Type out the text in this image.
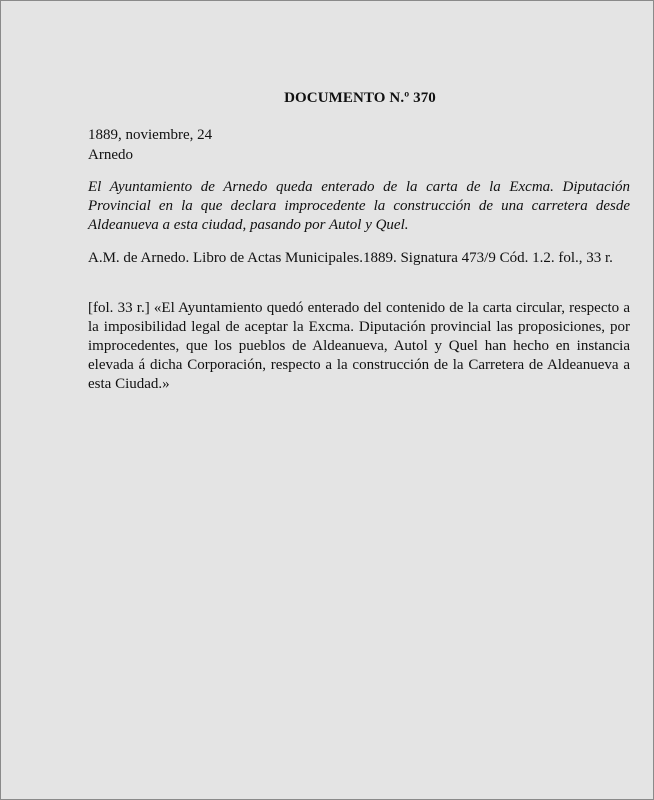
DOCUMENTO N.º 370
1889, noviembre, 24
Arnedo

El Ayuntamiento de Arnedo queda enterado de la carta de la Excma. Diputación Provincial en la que declara improcedente la construcción de una carretera desde Aldeanueva a esta ciudad, pasando por Autol y Quel.

A.M. de Arnedo. Libro de Actas Municipales.1889. Signatura 473/9 Cód. 1.2. fol., 33 r.

[fol. 33 r.] «El Ayuntamiento quedó enterado del contenido de la carta circular, respecto a la imposibilidad legal de aceptar la Excma. Diputación provincial las proposiciones, por improcedentes, que los pueblos de Aldeanueva, Autol y Quel han hecho en instancia elevada á dicha Corporación, respecto a la construcción de la Carretera de Aldeanueva a esta Ciudad.»
